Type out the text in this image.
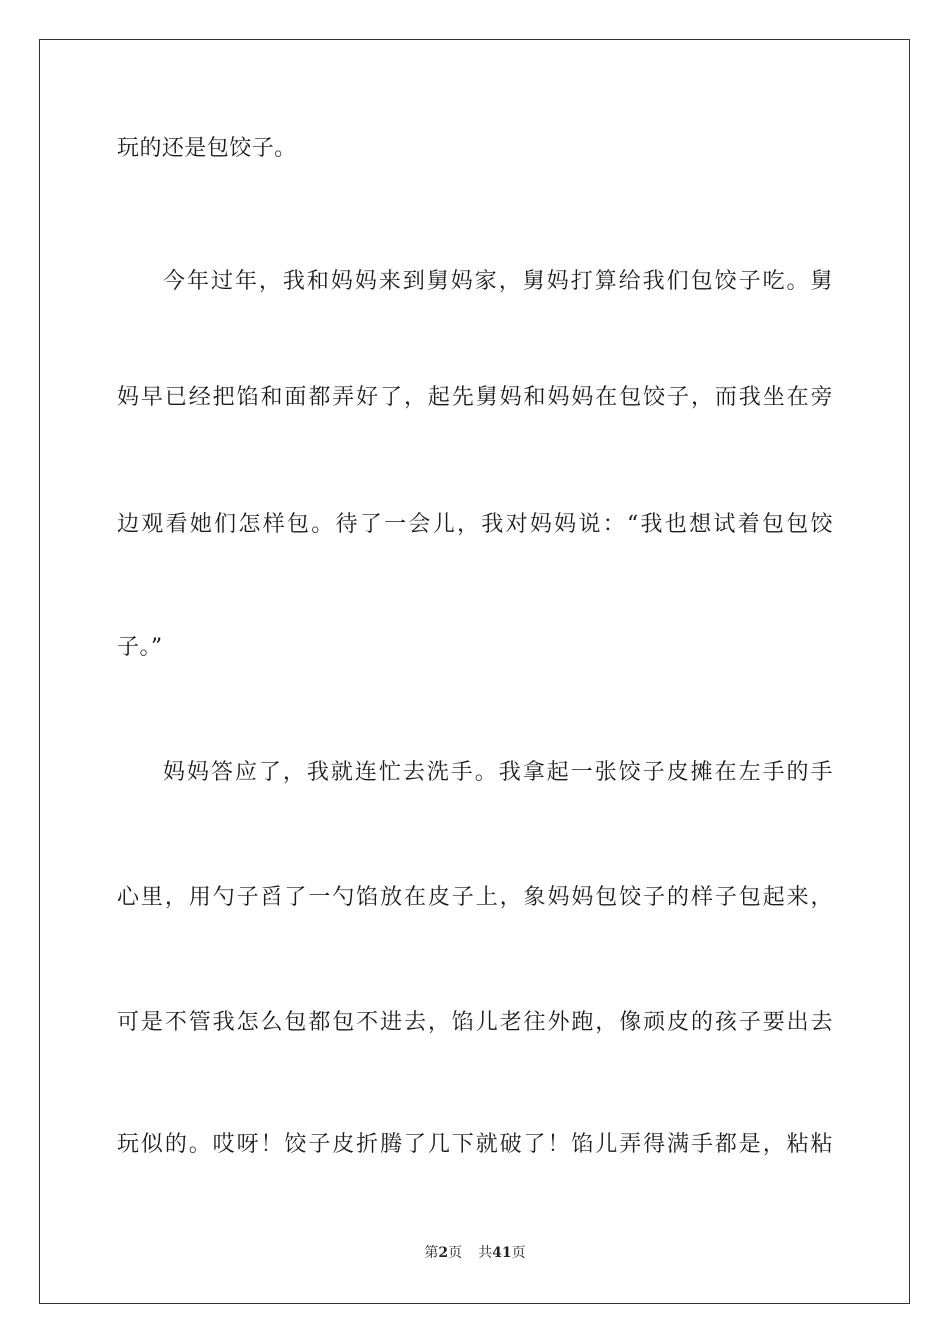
玩的还是包饺子。
今年过年，我和妈妈来到舅妈家，舅妈打算给我们包饺子吃。舅
妈早已经把馅和面都弄好了，起先舅妈和妈妈在包饺子，而我坐在旁
边观看她们怎样包。待了一会儿，我对妈妈说：“我也想试着包包饺
子。”
妈妈答应了，我就连忙去洗手。我拿起一张饺子皮摊在左手的手
心里，用勺子舀了一勺馅放在皮子上，象妈妈包饺子的样子包起来，
可是不管我怎么包都包不进去，馅儿老往外跑，像顽皮的孩子要出去
玩似的。哎呀！饺子皮折腾了几下就破了！馅儿弄得满手都是，粘粘
第2页 共41页
